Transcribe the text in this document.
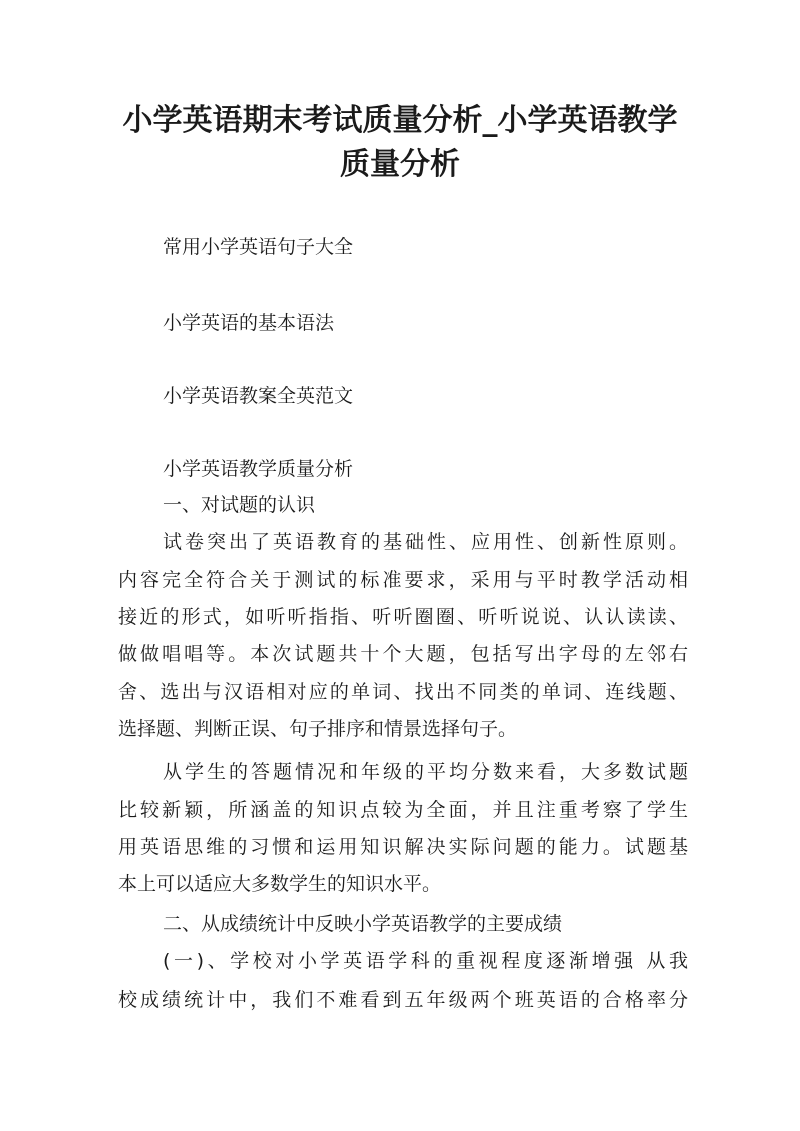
小学英语期末考试质量分析_小学英语教学
质量分析
常用小学英语句子大全
小学英语的基本语法
小学英语教案全英范文
小学英语教学质量分析
一、对试题的认识
试卷突出了英语教育的基础性、应用性、创新性原则。
内容完全符合关于测试的标准要求，采用与平时教学活动相
接近的形式，如听听指指、听听圈圈、听听说说、认认读读、
做做唱唱等。本次试题共十个大题，包括写出字母的左邻右
舍、选出与汉语相对应的单词、找出不同类的单词、连线题、
选择题、判断正误、句子排序和情景选择句子。
从学生的答题情况和年级的平均分数来看，大多数试题
比较新颖，所涵盖的知识点较为全面，并且注重考察了学生
用英语思维的习惯和运用知识解决实际问题的能力。试题基
本上可以适应大多数学生的知识水平。
二、从成绩统计中反映小学英语教学的主要成绩
(一)、学校对小学英语学科的重视程度逐渐增强 从我
校成绩统计中，我们不难看到五年级两个班英语的合格率分
